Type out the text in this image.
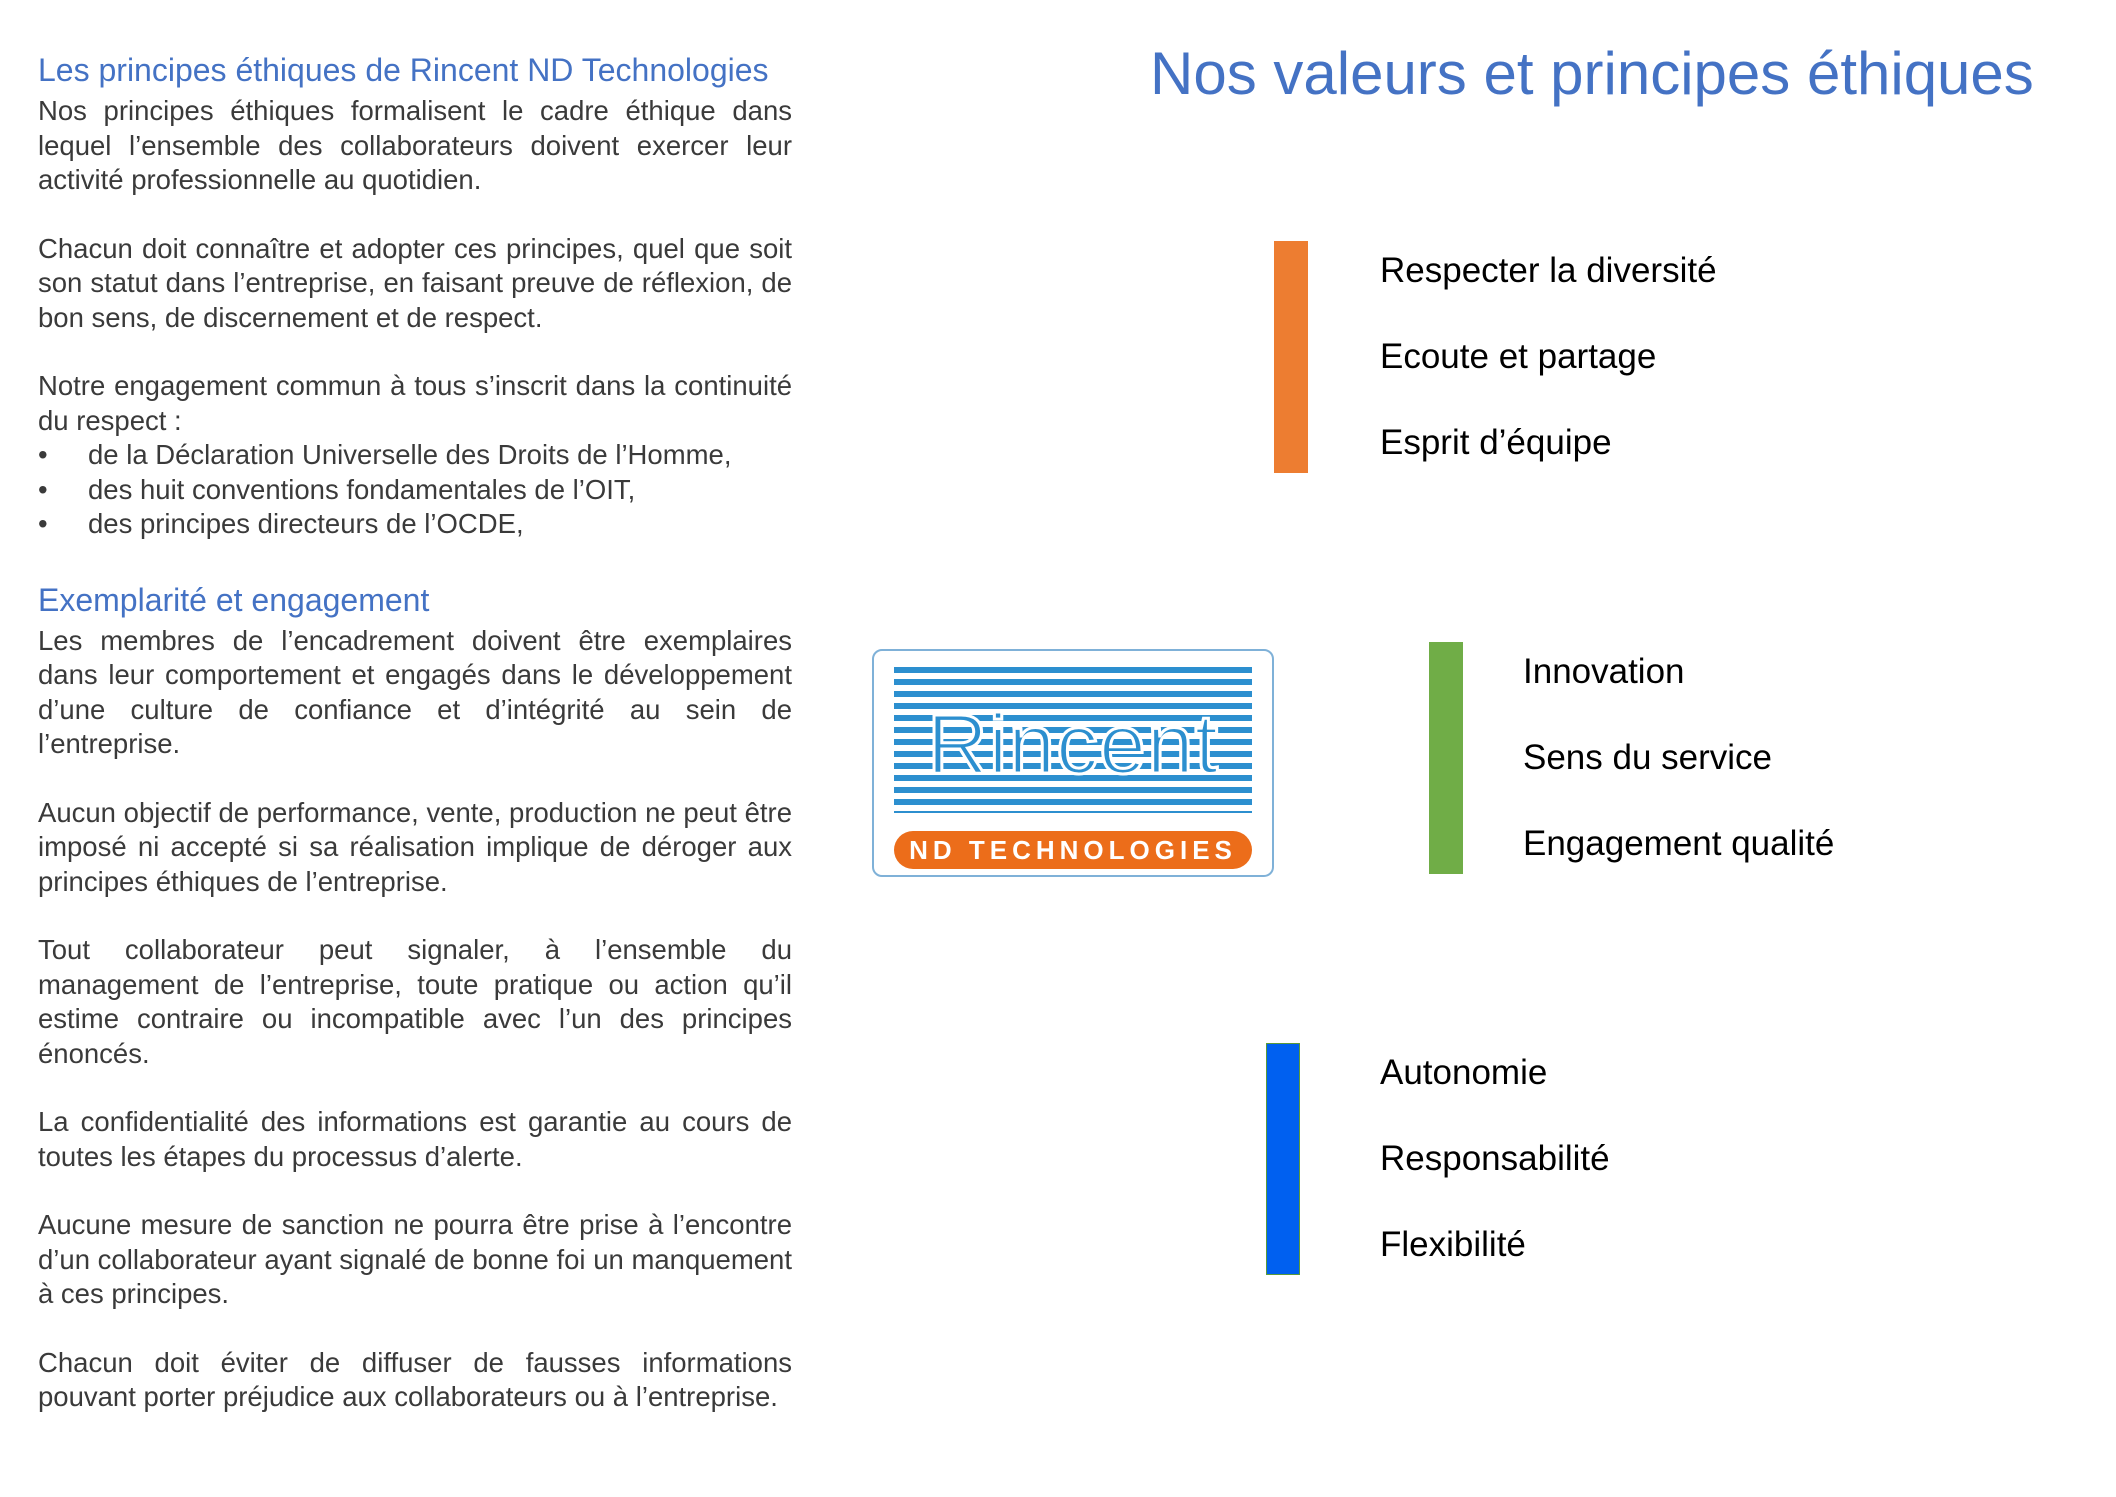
Les principes éthiques de Rincent ND Technologies

Nos principes éthiques formalisent le cadre éthique dans lequel l’ensemble des collaborateurs doivent exercer leur activité professionnelle au quotidien.

Chacun doit connaître et adopter ces principes, quel que soit son statut dans l’entreprise, en faisant preuve de réflexion, de bon sens, de discernement et de respect.

Notre engagement commun à tous s’inscrit dans la continuité du respect :

• de la Déclaration Universelle des Droits de l’Homme,
• des huit conventions fondamentales de l’OIT,
• des principes directeurs de l’OCDE,
Exemplarité et engagement

Les membres de l’encadrement doivent être exemplaires dans leur comportement et engagés dans le développement d’une culture de confiance et d’intégrité au sein de l’entreprise.

Aucun objectif de performance, vente, production ne peut être imposé ni accepté si sa réalisation implique de déroger aux principes éthiques de l’entreprise.

Tout collaborateur peut signaler, à l’ensemble du management de l’entreprise, toute pratique ou action qu’il estime contraire ou incompatible avec l’un des principes énoncés.

La confidentialité des informations est garantie au cours de toutes les étapes du processus d’alerte.

Aucune mesure de sanction ne pourra être prise à l’encontre d’un collaborateur ayant signalé de bonne foi un manquement à ces principes.

Chacun doit éviter de diffuser de fausses informations pouvant porter préjudice aux collaborateurs ou à l’entreprise.

Nos valeurs et principes éthiques
Respecter la diversité
Ecoute et partage
Esprit d’équipe
Rincent
ND TECHNOLOGIES
Innovation
Sens du service
Engagement qualité
Autonomie
Responsabilité
Flexibilité
